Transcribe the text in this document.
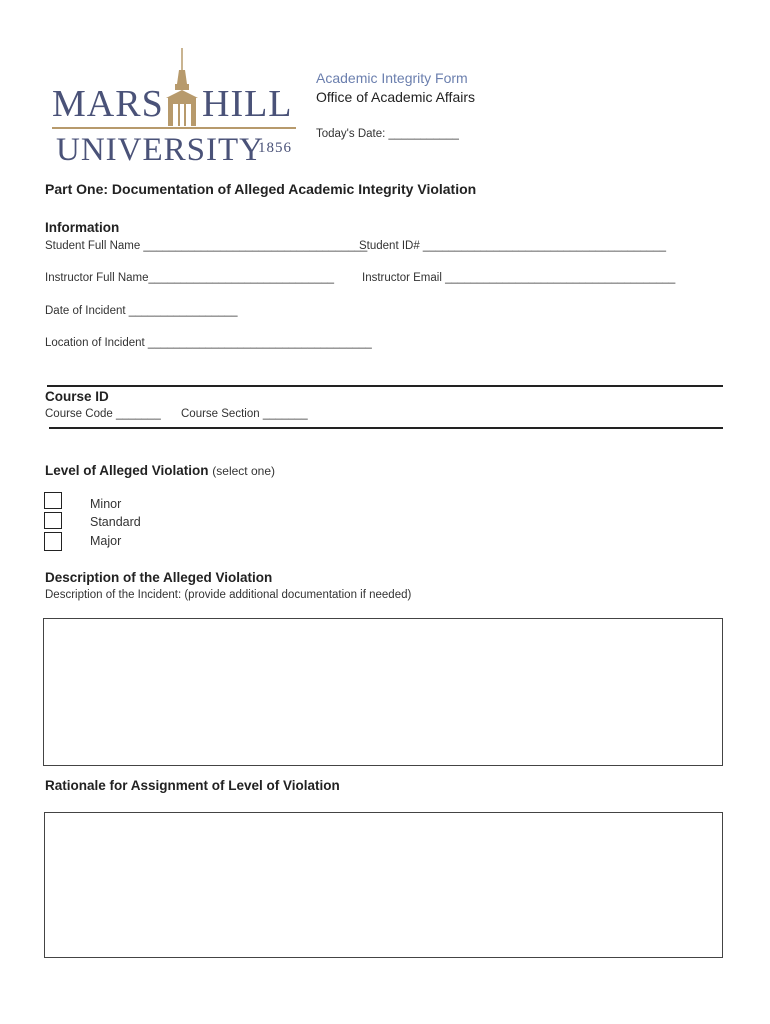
MARS HILL
UNIVERSITY
1856
Academic Integrity Form
Office of Academic Affairs
Today's Date: ___________
Part One: Documentation of Alleged Academic Integrity Violation
Information
Student Full Name ___________________________________
Student ID# ______________________________________
Instructor Full Name_____________________________ Instructor Email ____________________________________
Date of Incident _________________
Location of Incident ___________________________________
Course ID
Course Code _______ Course Section _______
Level of Alleged Violation (select one)
Minor
Standard
Major
Description of the Alleged Violation
Description of the Incident: (provide additional documentation if needed)
Rationale for Assignment of Level of Violation
